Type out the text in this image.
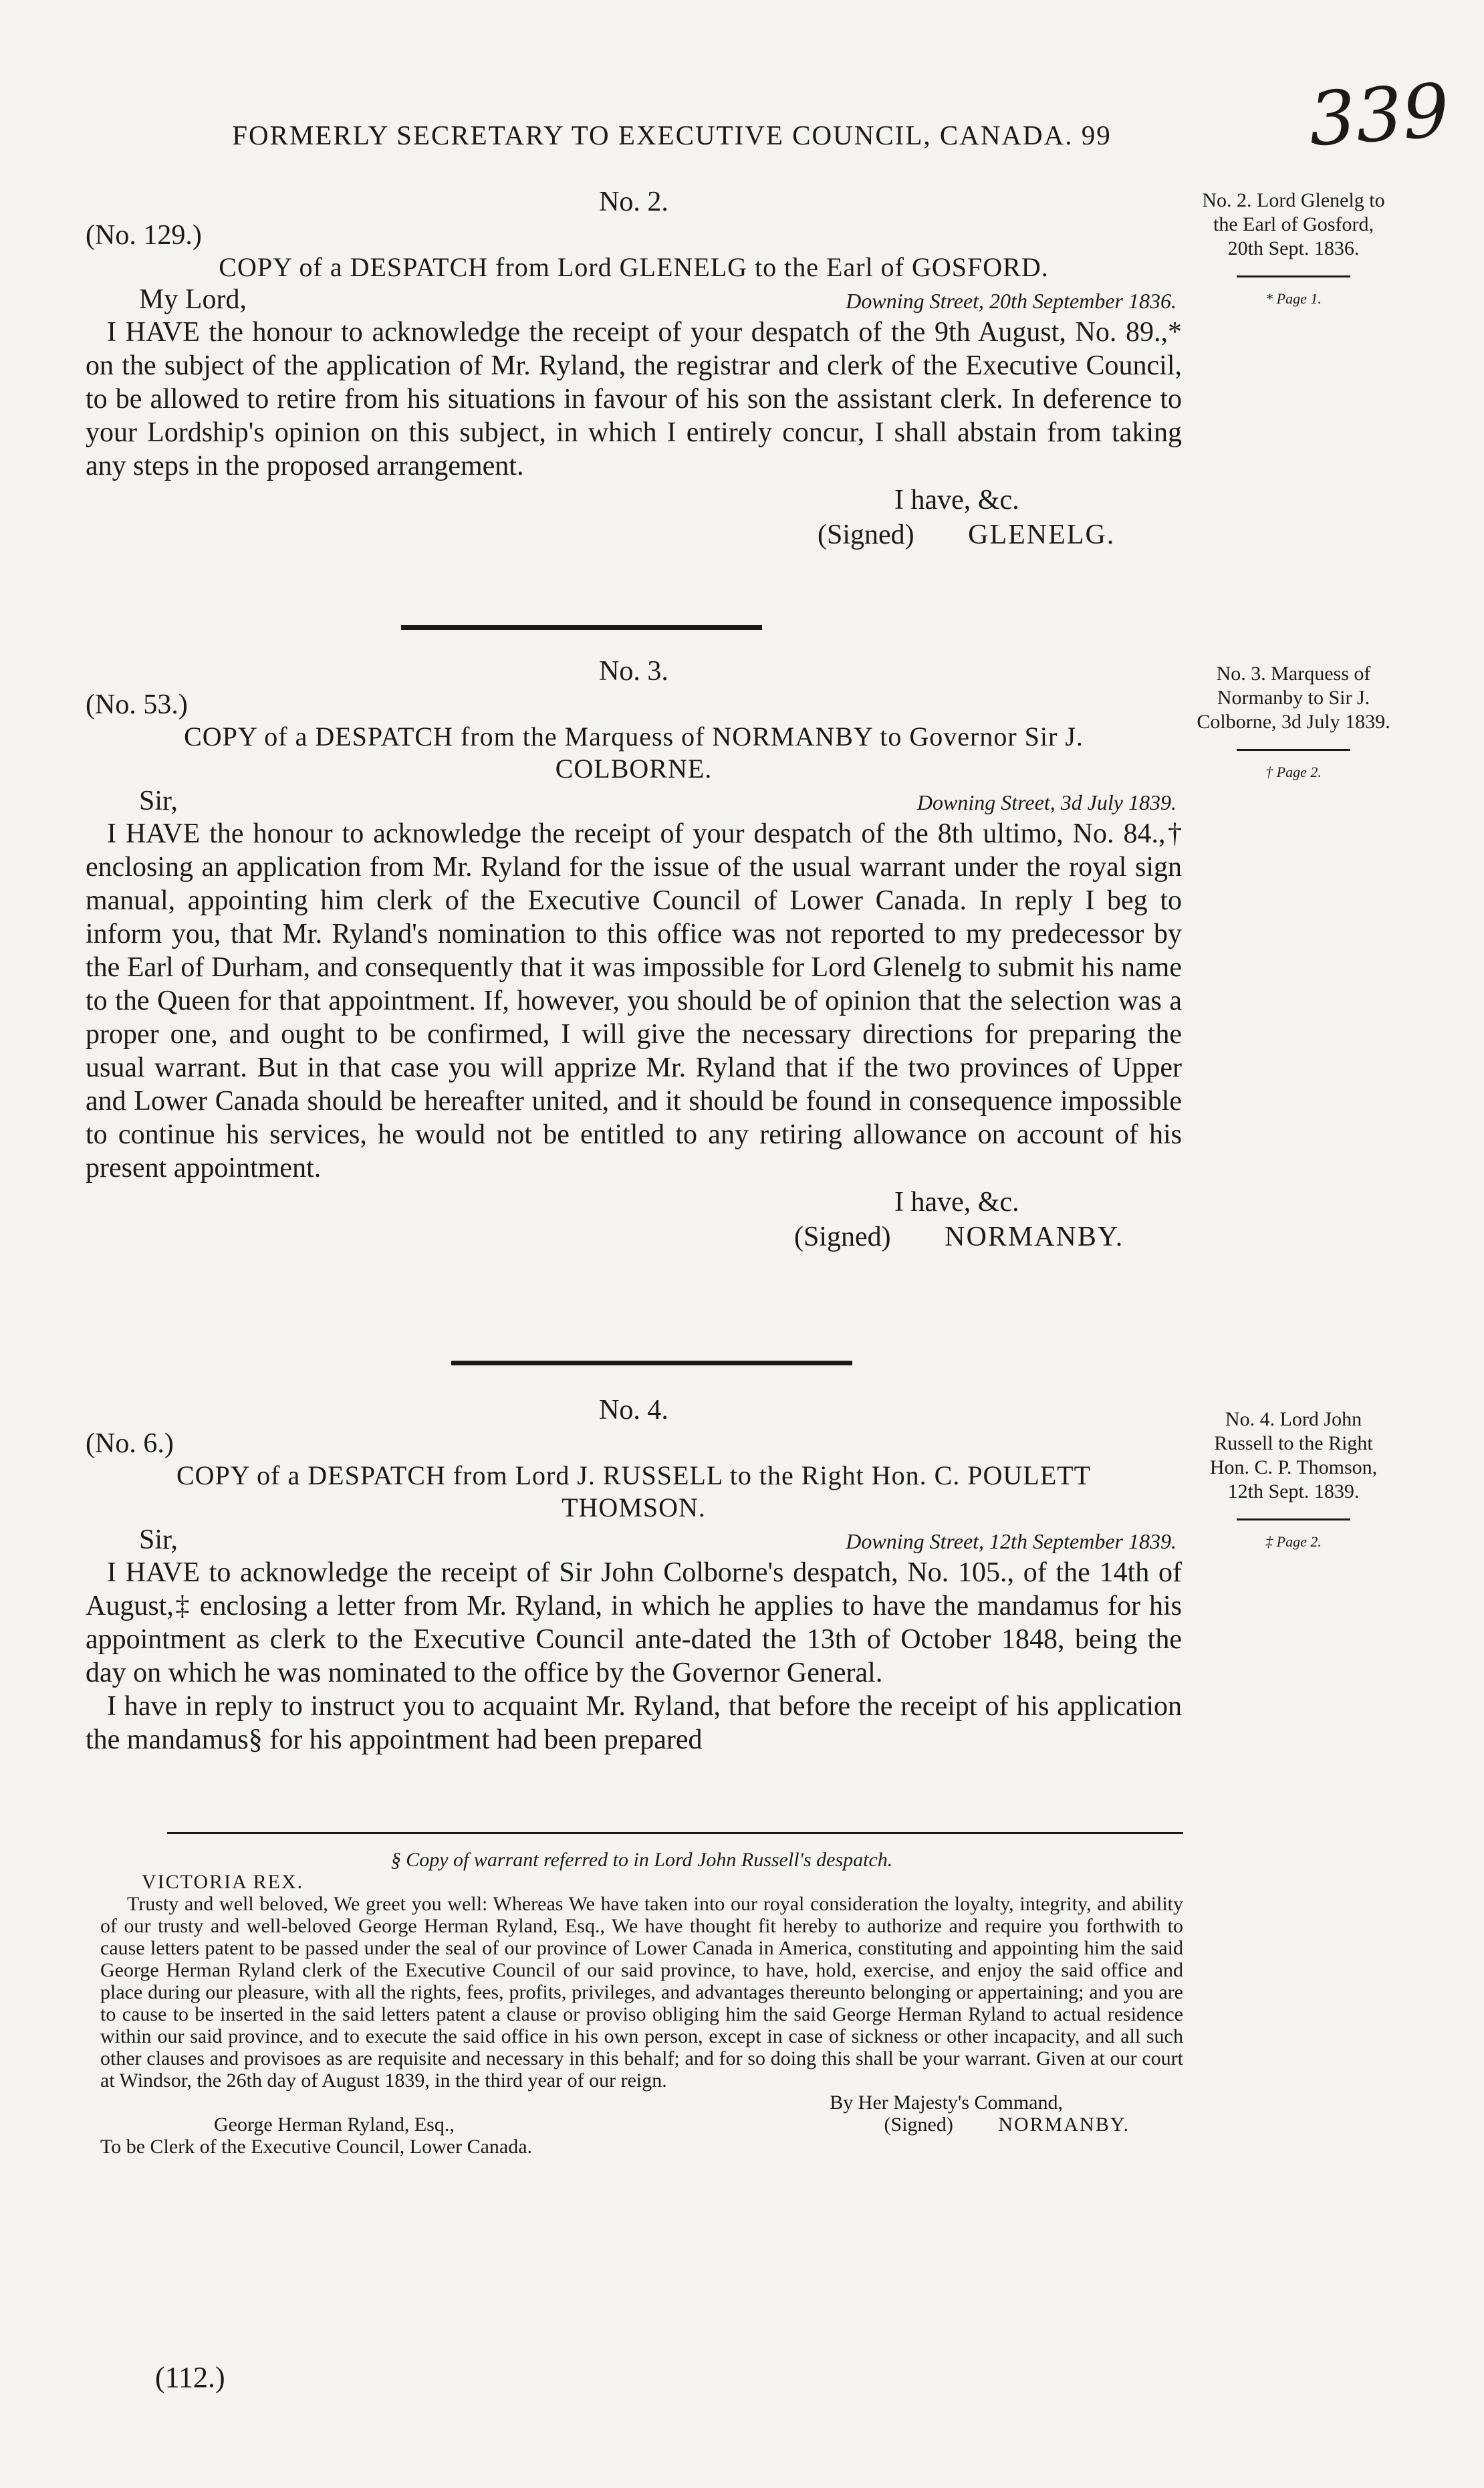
FORMERLY SECRETARY TO EXECUTIVE COUNCIL, CANADA. 99	339
No. 2.
(No. 129.)
COPY of a DESPATCH from Lord GLENELG to the Earl of GOSFORD.
My Lord,	Downing Street, 20th September 1836.

I HAVE the honour to acknowledge the receipt of your despatch of the 9th August, No. 89.,* on the subject of the application of Mr. Ryland, the registrar and clerk of the Executive Council, to be allowed to retire from his situations in favour of his son the assistant clerk. In deference to your Lordship's opinion on this subject, in which I entirely concur, I shall abstain from taking any steps in the proposed arrangement.

I have, &c.
(Signed) GLENELG.
No. 3.
(No. 53.)
COPY of a DESPATCH from the Marquess of NORMANBY to Governor Sir J. COLBORNE.
Sir,	Downing Street, 3d July 1839.

I HAVE the honour to acknowledge the receipt of your despatch of the 8th ultimo, No. 84.,† enclosing an application from Mr. Ryland for the issue of the usual warrant under the royal sign manual, appointing him clerk of the Executive Council of Lower Canada. In reply I beg to inform you, that Mr. Ryland's nomination to this office was not reported to my predecessor by the Earl of Durham, and consequently that it was impossible for Lord Glenelg to submit his name to the Queen for that appointment. If, however, you should be of opinion that the selection was a proper one, and ought to be confirmed, I will give the necessary directions for preparing the usual warrant. But in that case you will apprize Mr. Ryland that if the two provinces of Upper and Lower Canada should be hereafter united, and it should be found in consequence impossible to continue his services, he would not be entitled to any retiring allowance on account of his present appointment.

I have, &c.
(Signed) NORMANBY.
No. 4.
(No. 6.)
COPY of a DESPATCH from Lord J. RUSSELL to the Right Hon. C. POULETT THOMSON.
Sir,	Downing Street, 12th September 1839.

I HAVE to acknowledge the receipt of Sir John Colborne's despatch, No. 105., of the 14th of August,‡ enclosing a letter from Mr. Ryland, in which he applies to have the mandamus for his appointment as clerk to the Executive Council ante-dated the 13th of October 1848, being the day on which he was nominated to the office by the Governor General.

I have in reply to instruct you to acquaint Mr. Ryland, that before the receipt of his application the mandamus§ for his appointment had been prepared

No. 2. Lord Glenelg to the Earl of Gosford, 20th Sept. 1836.
* Page 1.
No. 3. Marquess of Normanby to Sir J. Colborne, 3d July 1839.
† Page 2.
No. 4. Lord John Russell to the Right Hon. C. P. Thomson, 12th Sept. 1839.
‡ Page 2.
§ Copy of warrant referred to in Lord John Russell's despatch.
VICTORIA REX.

Trusty and well beloved, We greet you well: Whereas We have taken into our royal consideration the loyalty, integrity, and ability of our trusty and well-beloved George Herman Ryland, Esq., We have thought fit hereby to authorize and require you forthwith to cause letters patent to be passed under the seal of our province of Lower Canada in America, constituting and appointing him the said George Herman Ryland clerk of the Executive Council of our said province, to have, hold, exercise, and enjoy the said office and place during our pleasure, with all the rights, fees, profits, privileges, and advantages thereunto belonging or appertaining; and you are to cause to be inserted in the said letters patent a clause or proviso obliging him the said George Herman Ryland to actual residence within our said province, and to execute the said office in his own person, except in case of sickness or other incapacity, and all such other clauses and provisoes as are requisite and necessary in this behalf; and for so doing this shall be your warrant. Given at our court at Windsor, the 26th day of August 1839, in the third year of our reign.

By Her Majesty's Command,
George Herman Ryland, Esq.,	(Signed) NORMANBY.
To be Clerk of the Executive Council, Lower Canada.
(112.)
